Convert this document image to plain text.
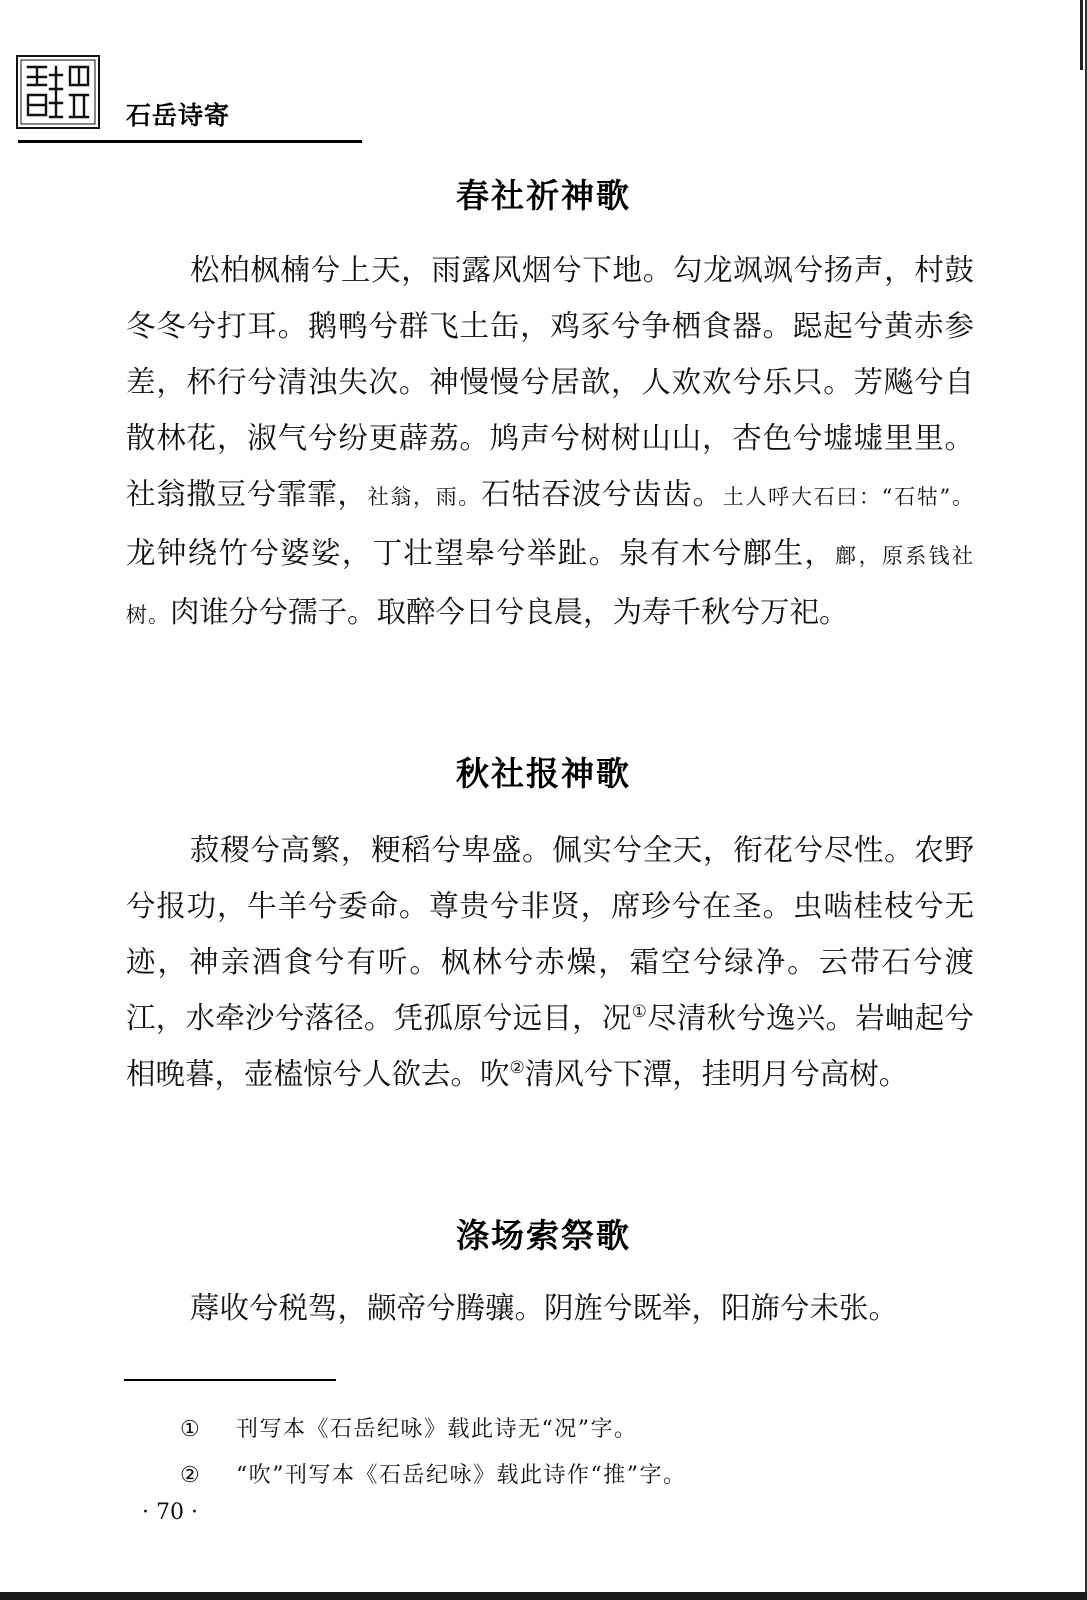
石岳诗寄
春社祈神歌
松柏枫楠兮上天，雨露风烟兮下地。勾龙飒飒兮扬声，村鼓冬冬兮打耳。鹅鸭兮群飞土缶，鸡豕兮争栖食器。跽起兮黄赤参差，杯行兮清浊失次。神慢慢兮居歆，人欢欢兮乐只。芳飚兮自散林花，淑气兮纷更薜荔。鸠声兮树树山山，杏色兮墟墟里里。社翁撒豆兮霏霏，社翁，雨。石牯吞波兮齿齿。土人呼大石曰：“石牯”。龙钟绕竹兮婆娑，丁壮望皋兮举趾。泉有木兮鄜生，鄜，原系钱社树。肉谁分兮孺子。取醉今日兮良晨，为寿千秋兮万祀。
秋社报神歌
菽稷兮高繁，粳稻兮卑盛。佩实兮全天，衔花兮尽性。农野兮报功，牛羊兮委命。尊贵兮非贤，席珍兮在圣。虫啮桂枝兮无迹，神亲酒食兮有听。枫林兮赤燥，霜空兮绿净。云带石兮渡江，水牵沙兮落径。凭孤原兮远目，况①尽清秋兮逸兴。岩岫起兮相晚暮，壶榼惊兮人欲去。吹②清风兮下潭，挂明月兮高树。
涤场索祭歌
蓐收兮税驾，颛帝兮腾骧。阴旌兮既举，阳旆兮未张。
① 刊写本《石岳纪咏》载此诗无“况”字。
② “吹”刊写本《石岳纪咏》载此诗作“推”字。
· 70 ·
